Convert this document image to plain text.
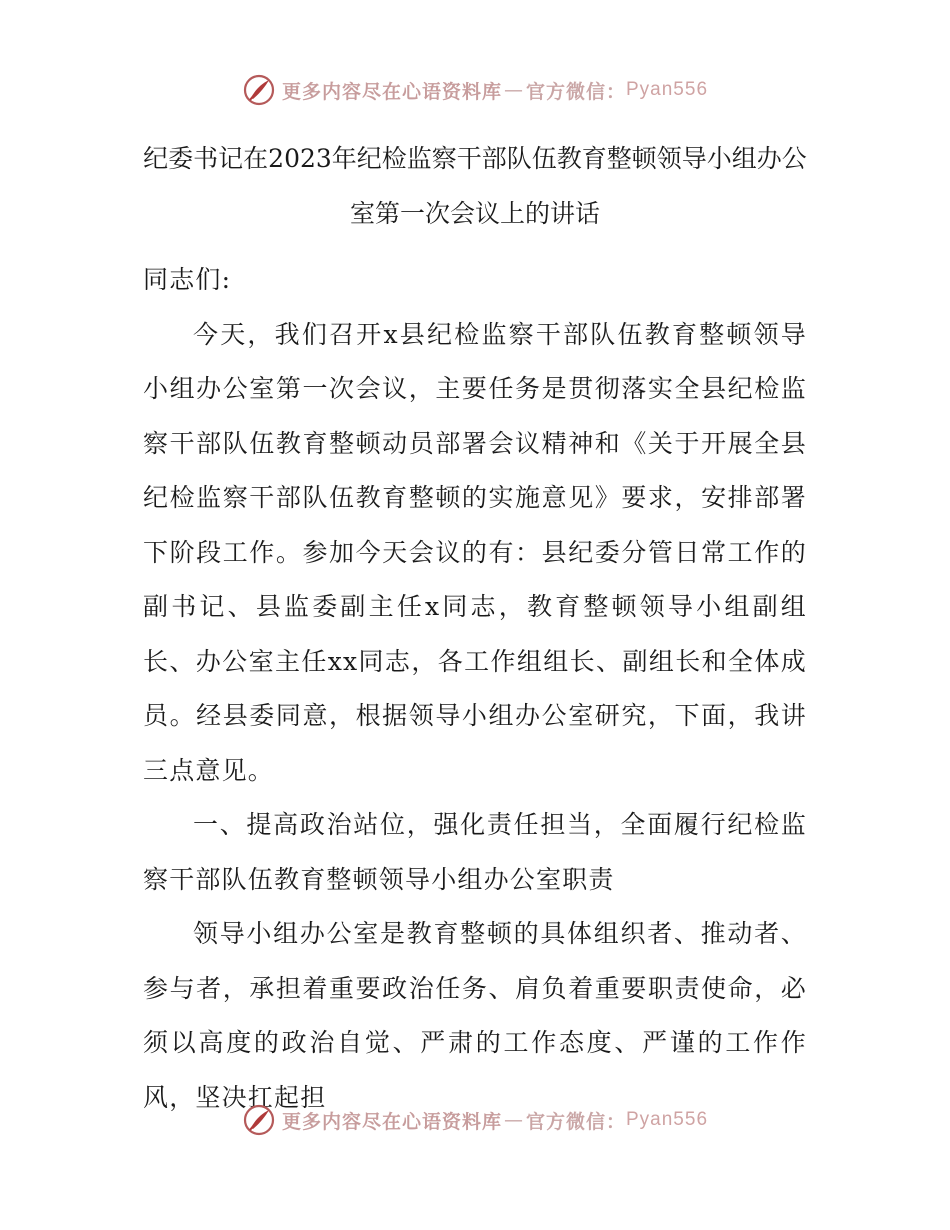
更多内容尽在心语资料库 — 官方微信： Pyan556
纪委书记在2023年纪检监察干部队伍教育整顿领导小组办公
室第一次会议上的讲话

同志们:

今天，我们召开x县纪检监察干部队伍教育整顿领导小组办公室第一次会议，主要任务是贯彻落实全县纪检监察干部队伍教育整顿动员部署会议精神和《关于开展全县纪检监察干部队伍教育整顿的实施意见》要求，安排部署下阶段工作。参加今天会议的有：县纪委分管日常工作的副书记、县监委副主任x同志，教育整顿领导小组副组长、办公室主任xx同志，各工作组组长、副组长和全体成员。经县委同意，根据领导小组办公室研究，下面，我讲三点意见。

一、提高政治站位，强化责任担当，全面履行纪检监察干部队伍教育整顿领导小组办公室职责

领导小组办公室是教育整顿的具体组织者、推动者、参与者，承担着重要政治任务、肩负着重要职责使命，必须以高度的政治自觉、严肃的工作态度、严谨的工作作风，坚决扛起担

更多内容尽在心语资料库 — 官方微信： Pyan556
